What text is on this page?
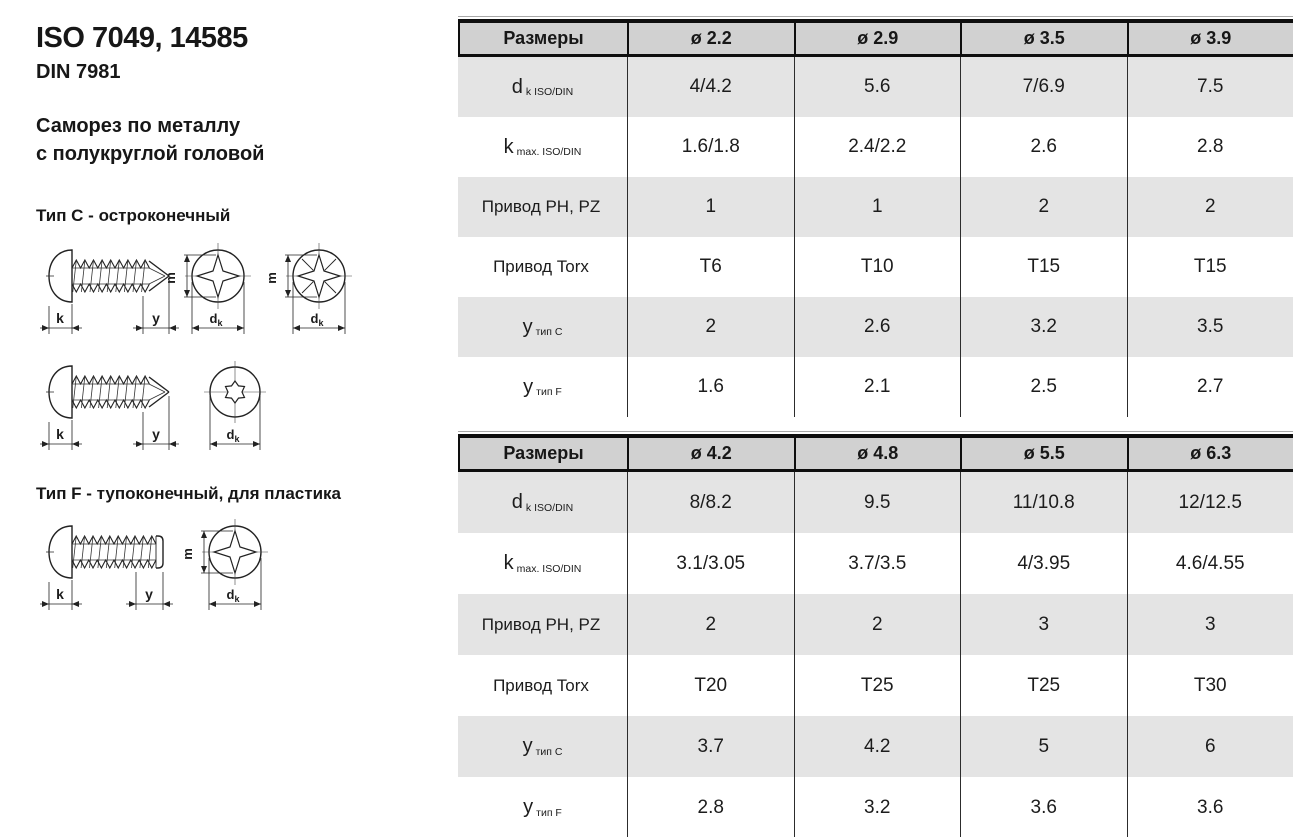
ISO 7049, 14585
DIN 7981
Саморез по металлу
с полукруглой головой
Тип C - остроконечный
Тип F - тупоконечный, для пластика
k	y
m
$d_k$
m
$d_k$
k	y	$d_k$
k	y
m
$d_k$
Размеры	ø 2.2	ø 2.9	ø 3.5	ø 3.9
d k ISO/DIN	4/4.2	5.6	7/6.9	7.5
k max. ISO/DIN	1.6/1.8	2.4/2.2	2.6	2.8
Привод PH, PZ	1	1	2	2
Привод Torx	T6	T10	T15	T15
y тип C	2	2.6	3.2	3.5
y тип F	1.6	2.1	2.5	2.7
Размеры	ø 4.2	ø 4.8	ø 5.5	ø 6.3
d k ISO/DIN	8/8.2	9.5	11/10.8	12/12.5
k max. ISO/DIN	3.1/3.05	3.7/3.5	4/3.95	4.6/4.55
Привод PH, PZ	2	2	3	3
Привод Torx	T20	T25	T25	T30
y тип C	3.7	4.2	5	6
y тип F	2.8	3.2	3.6	3.6
